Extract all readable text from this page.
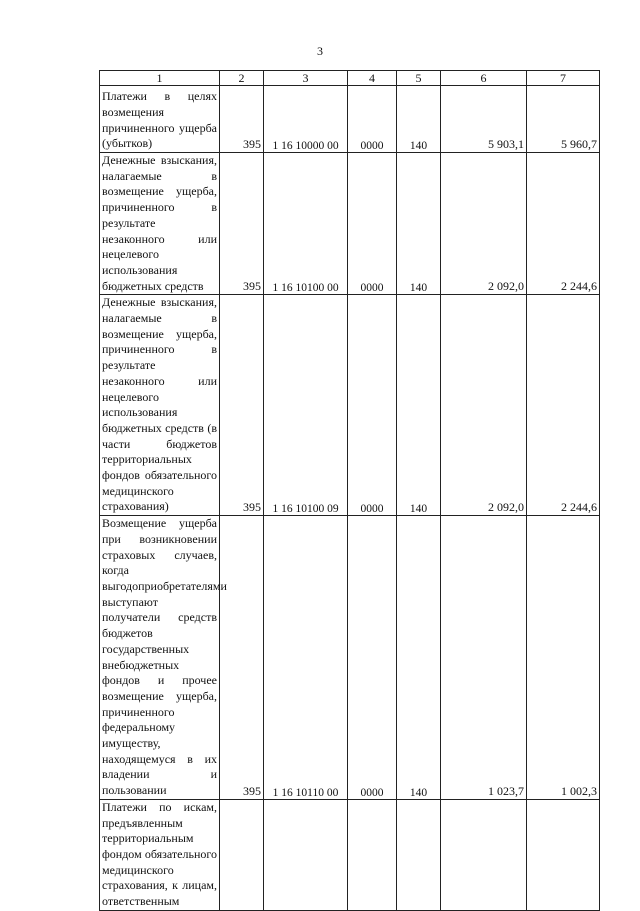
3
1	2	3	4	5	6	7
Платежи в целях возмещения причиненного ущерба (убытков)	395	1 16 10000 00	0000	140	5 903,1	5 960,7
Денежные взыскания, налагаемые в возмещение ущерба, причиненного в результате незаконного или нецелевого использования бюджетных средств	395	1 16 10100 00	0000	140	2 092,0	2 244,6
Денежные взыскания, налагаемые в возмещение ущерба, причиненного в результате незаконного или нецелевого использования бюджетных средств (в части бюджетов территориальных фондов обязательного медицинского страхования)	395	1 16 10100 09	0000	140	2 092,0	2 244,6
Возмещение ущерба при возникновении страховых случаев, когда выгодоприобретателями выступают получатели средств бюджетов государственных внебюджетных фондов и прочее возмещение ущерба, причиненного федеральному имуществу, находящемуся в их владении и пользовании	395	1 16 10110 00	0000	140	1 023,7	1 002,3
Платежи по искам, предъявленным территориальным фондом обязательного медицинского страхования, к лицам, ответственным						
